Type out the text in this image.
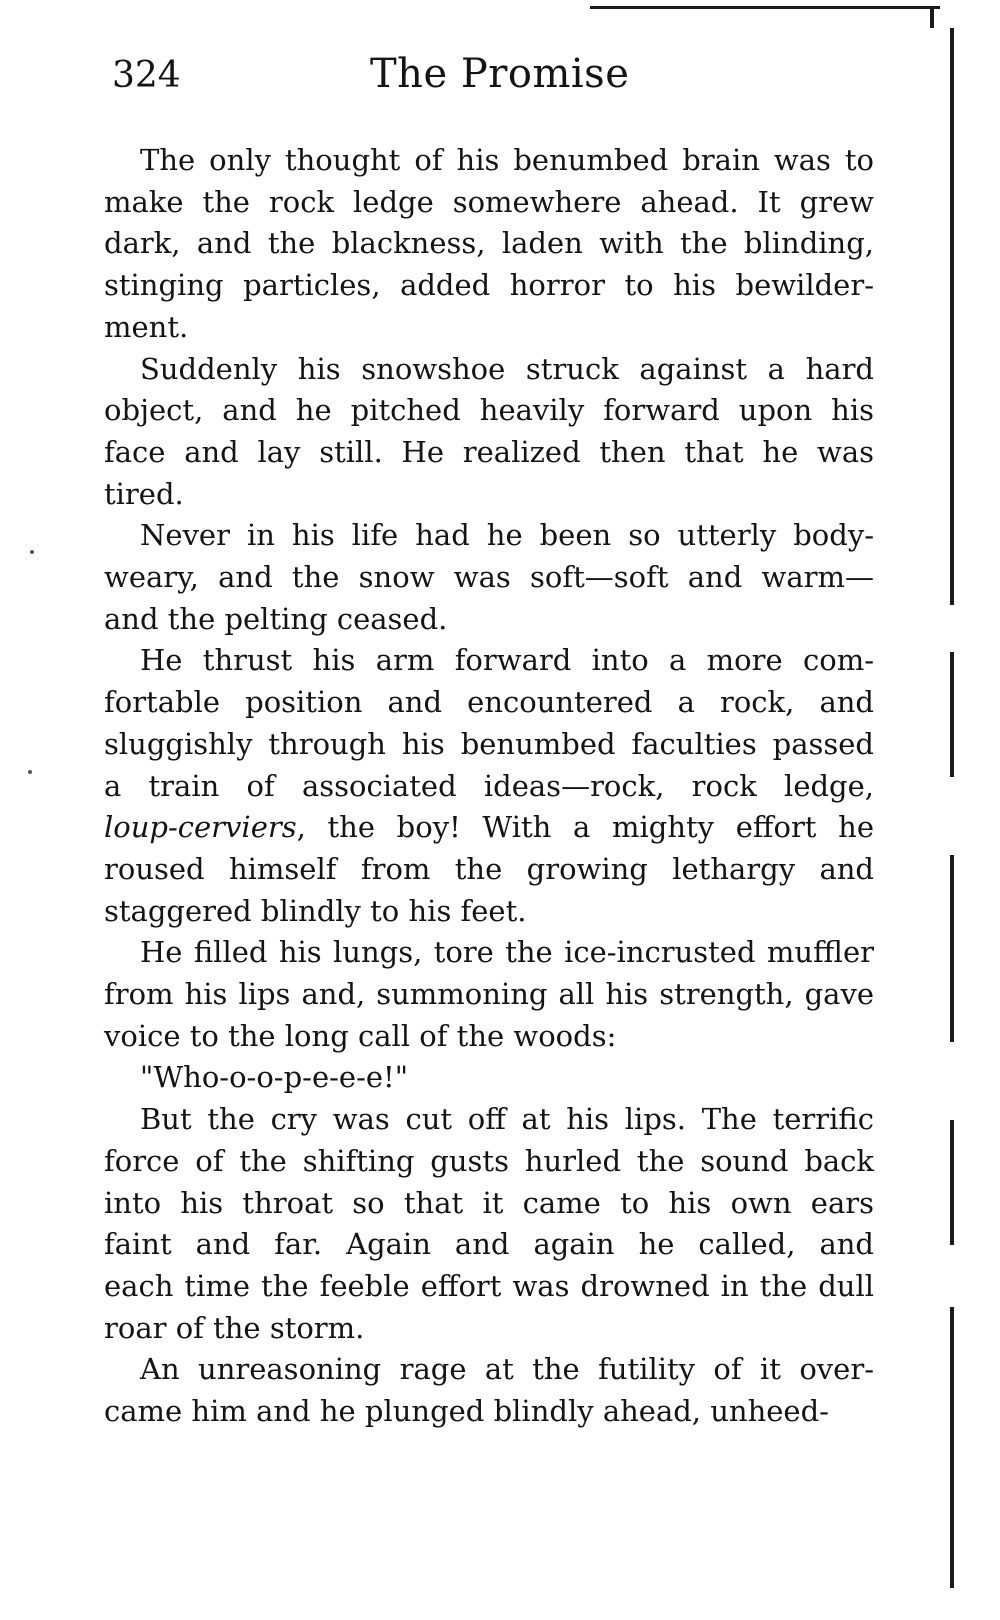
324	The Promise

The only thought of his benumbed brain was to
make the rock ledge somewhere ahead. It grew
dark, and the blackness, laden with the blinding,
stinging particles, added horror to his bewilder-
ment.

Suddenly his snowshoe struck against a hard
object, and he pitched heavily forward upon his
face and lay still. He realized then that he was
tired.

Never in his life had he been so utterly body-
weary, and the snow was soft—soft and warm—
and the pelting ceased.

He thrust his arm forward into a more com-
fortable position and encountered a rock, and
sluggishly through his benumbed faculties passed
a train of associated ideas—rock, rock ledge,
loup-cerviers, the boy! With a mighty effort he
roused himself from the growing lethargy and
staggered blindly to his feet.

He filled his lungs, tore the ice-incrusted muffler
from his lips and, summoning all his strength, gave
voice to the long call of the woods:

"Who-o-o-p-e-e-e!"

But the cry was cut off at his lips. The terrific
force of the shifting gusts hurled the sound back
into his throat so that it came to his own ears
faint and far. Again and again he called, and
each time the feeble effort was drowned in the dull
roar of the storm.

An unreasoning rage at the futility of it over-
came him and he plunged blindly ahead, unheed-
